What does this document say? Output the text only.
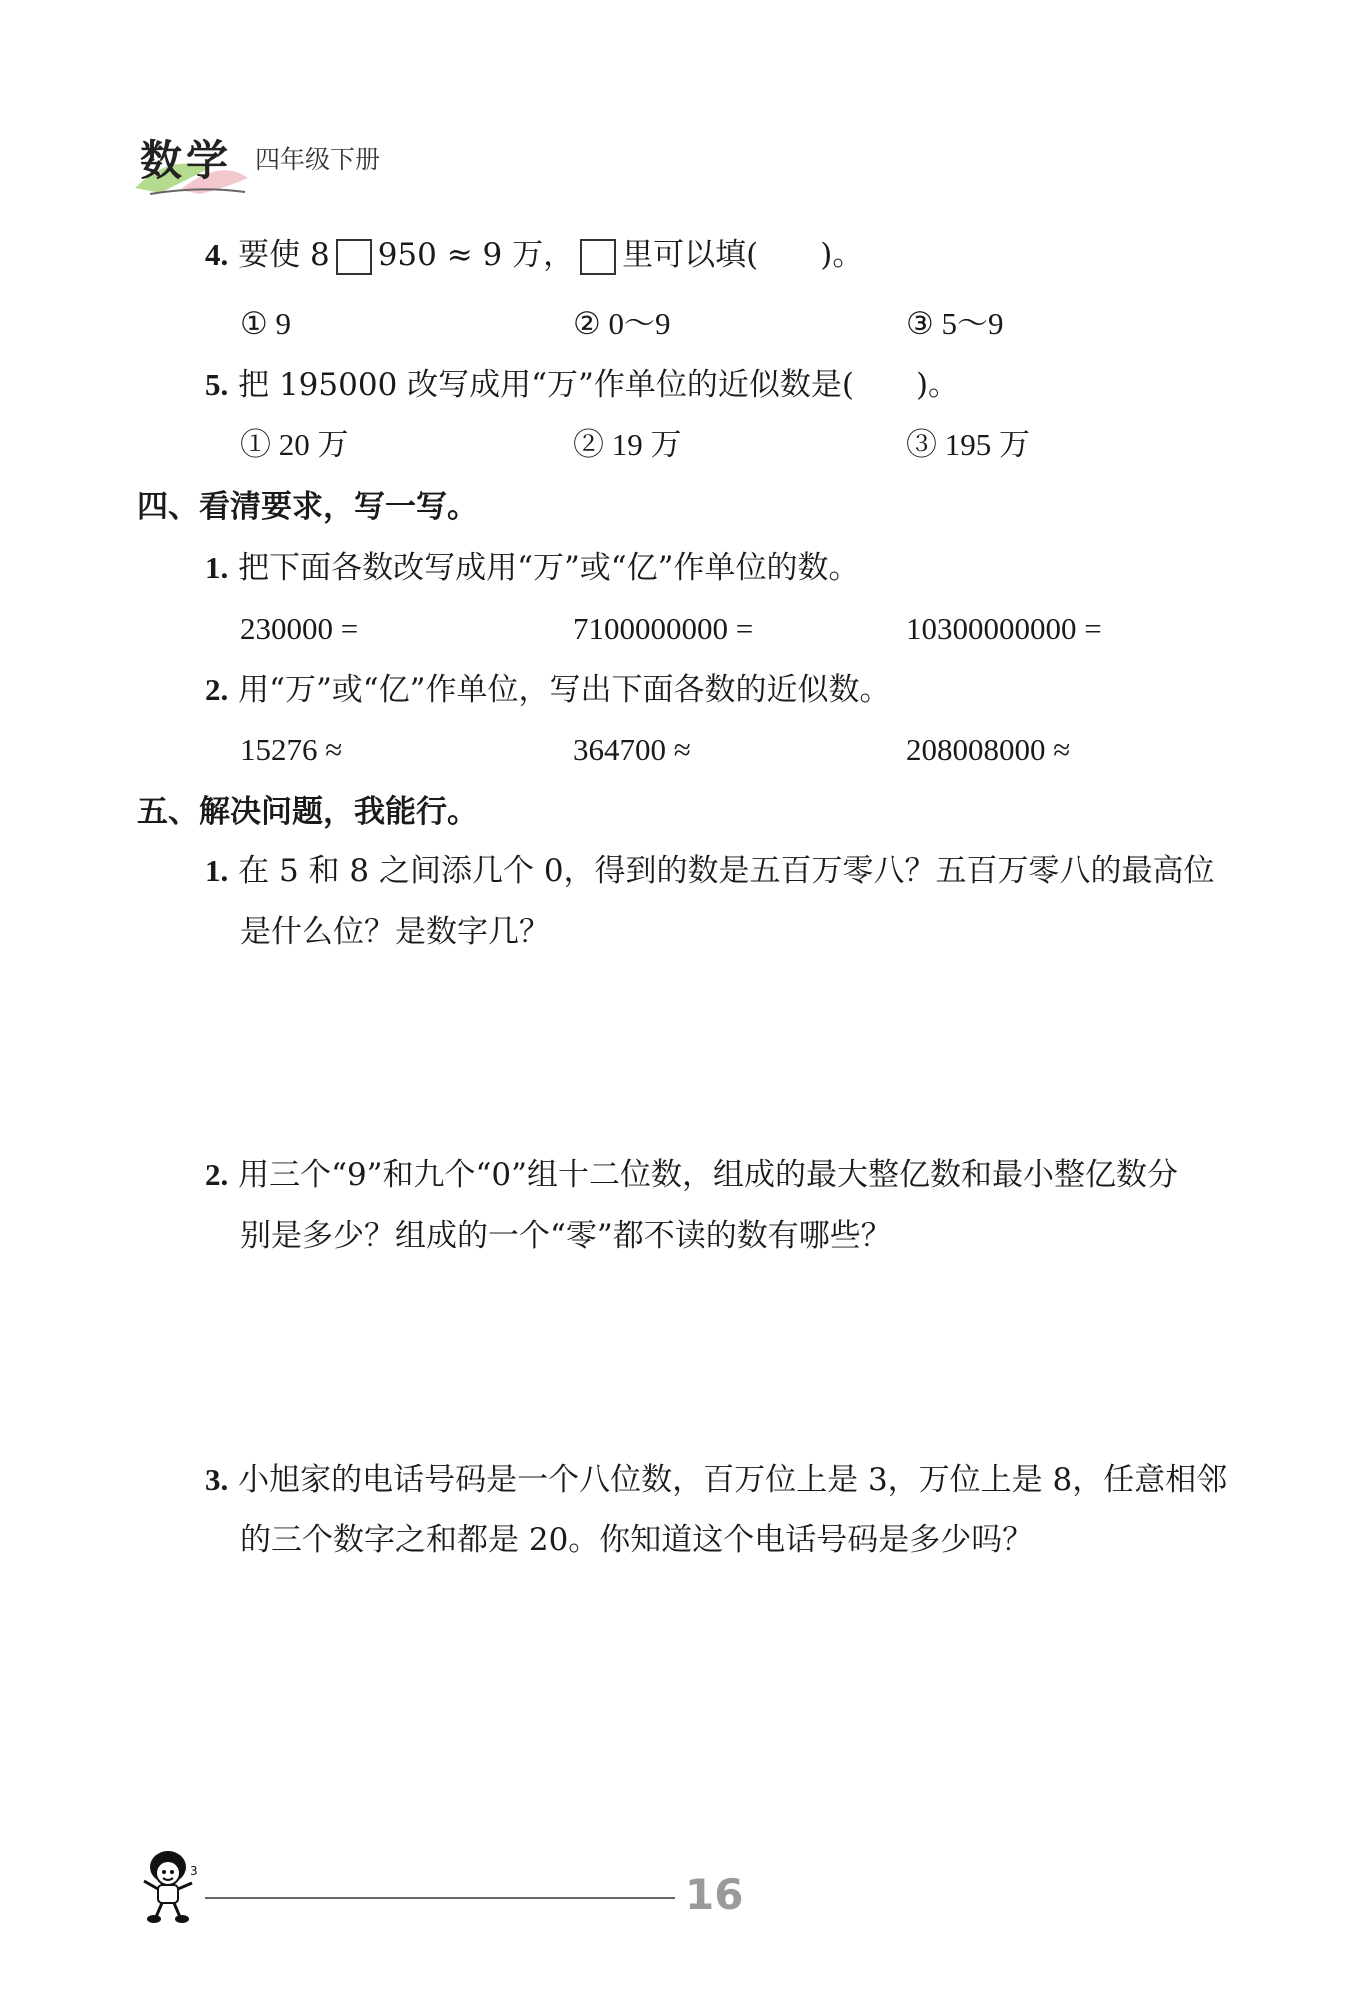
数学 四年级下册
4. 要使 8 950 ≈ 9 万， 里可以填(　　)。
① 9	② 0～9	③ 5～9
5. 把 195000 改写成用“万”作单位的近似数是(　　)。
① 20 万	② 19 万	③ 195 万
四、看清要求，写一写。
1. 把下面各数改写成用“万”或“亿”作单位的数。
230000 =	7100000000 =	10300000000 =
2. 用“万”或“亿”作单位，写出下面各数的近似数。
15276 ≈	364700 ≈	208008000 ≈
五、解决问题，我能行。
1. 在 5 和 8 之间添几个 0，得到的数是五百万零八？五百万零八的最高位
是什么位？是数字几？
2. 用三个“9”和九个“0”组十二位数，组成的最大整亿数和最小整亿数分
别是多少？组成的一个“零”都不读的数有哪些？
3. 小旭家的电话号码是一个八位数，百万位上是 3，万位上是 8，任意相邻
的三个数字之和都是 20。你知道这个电话号码是多少吗？
3	16
